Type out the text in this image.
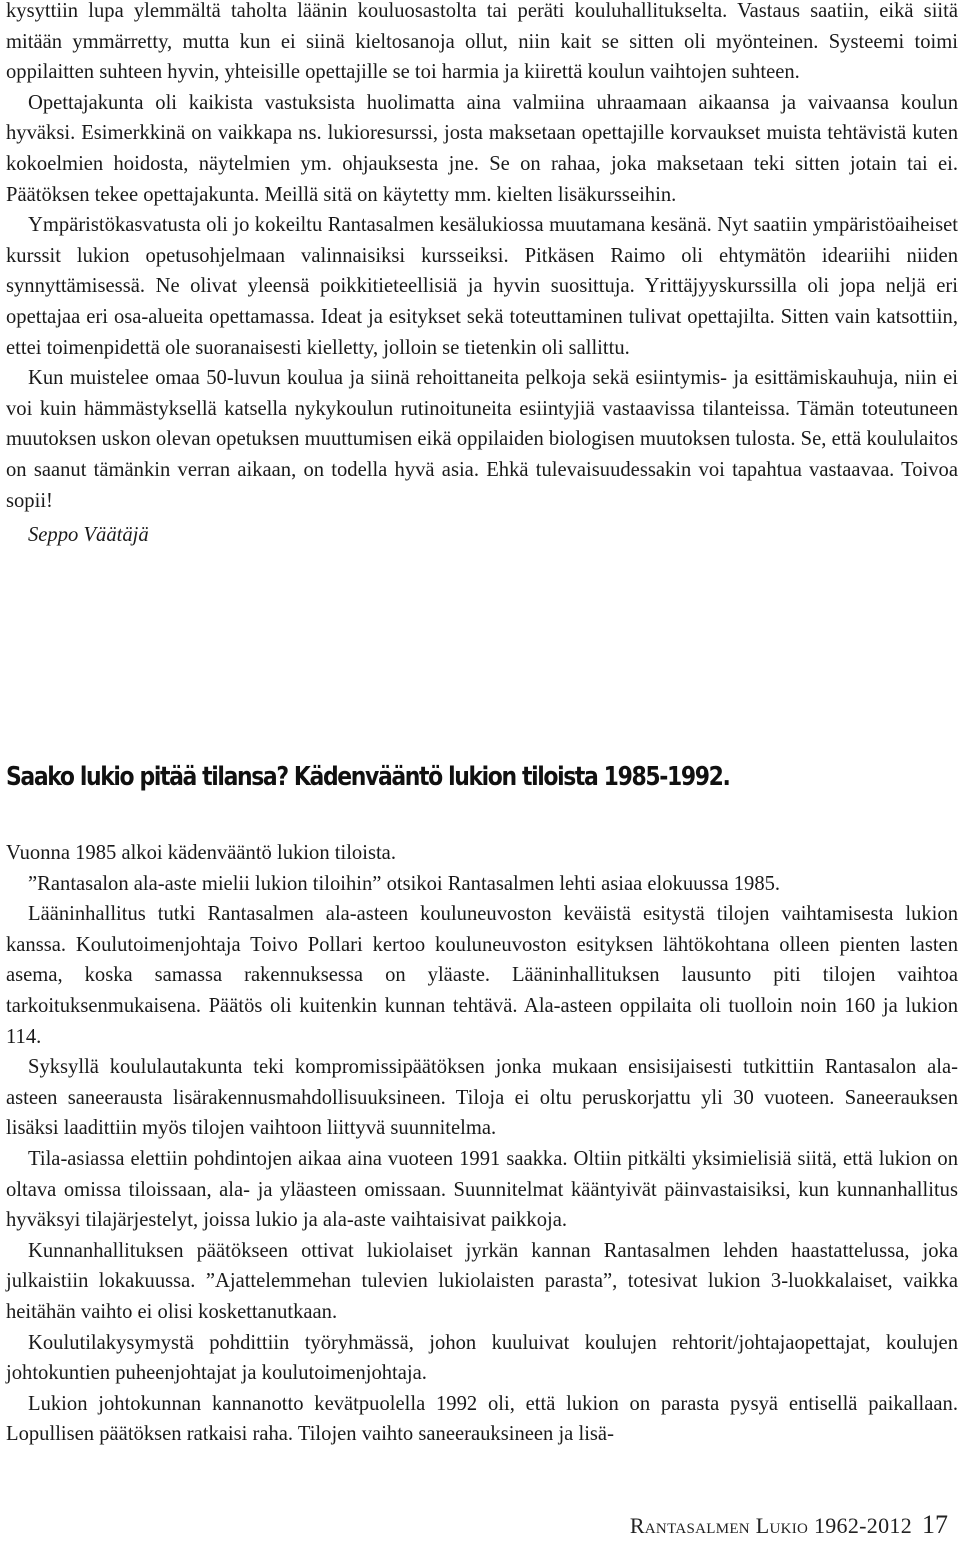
kysyttiin lupa ylemmältä taholta läänin kouluosastolta tai peräti kouluhallitukselta. Vastaus saatiin, eikä siitä mitään ymmärretty, mutta kun ei siinä kieltosanoja ollut, niin kait se sitten oli myönteinen. Systeemi toimi oppilaitten suhteen hyvin, yhteisille opettajille se toi harmia ja kiirettä koulun vaihtojen suhteen.

Opettajakunta oli kaikista vastuksista huolimatta aina valmiina uhraamaan aikaansa ja vaivaansa koulun hyväksi. Esimerkkinä on vaikkapa ns. lukioresurssi, josta maksetaan opettajille korvaukset muista tehtävistä kuten kokoelmien hoidosta, näytelmien ym. ohjauksesta jne. Se on rahaa, joka maksetaan teki sitten jotain tai ei. Päätöksen tekee opettajakunta. Meillä sitä on käytetty mm. kielten lisäkursseihin.

Ympäristökasvatusta oli jo kokeiltu Rantasalmen kesälukiossa muutamana kesänä. Nyt saatiin ympäristöaiheiset kurssit lukion opetusohjelmaan valinnaisiksi kursseiksi. Pitkäsen Raimo oli ehtymätön ideariihi niiden synnyttämisessä. Ne olivat yleensä poikkitieteellisiä ja hyvin suosittuja. Yrittäjyyskurssilla oli jopa neljä eri opettajaa eri osa-alueita opettamassa. Ideat ja esitykset sekä toteuttaminen tulivat opettajilta. Sitten vain katsottiin, ettei toimenpidettä ole suoranaisesti kielletty, jolloin se tietenkin oli sallittu.

Kun muistelee omaa 50-luvun koulua ja siinä rehoittaneita pelkoja sekä esiintymis- ja esittämiskauhuja, niin ei voi kuin hämmästyksellä katsella nykykoulun rutinoituneita esiintyjiä vastaavissa tilanteissa. Tämän toteutuneen muutoksen uskon olevan opetuksen muuttumisen eikä oppilaiden biologisen muutoksen tulosta. Se, että koululaitos on saanut tämänkin verran aikaan, on todella hyvä asia. Ehkä tulevaisuudessakin voi tapahtua vastaavaa. Toivoa sopii!

Seppo Väätäjä

Saako lukio pitää tilansa? Kädenvääntö lukion tiloista 1985-1992.

Vuonna 1985 alkoi kädenvääntö lukion tiloista.

”Rantasalon ala-aste mielii lukion tiloihin” otsikoi Rantasalmen lehti asiaa elokuussa 1985.

Lääninhallitus tutki Rantasalmen ala-asteen kouluneuvoston keväistä esitystä tilojen vaihtamisesta lukion kanssa. Koulutoimenjohtaja Toivo Pollari kertoo kouluneuvoston esityksen lähtökohtana olleen pienten lasten asema, koska samassa rakennuksessa on yläaste. Lääninhallituksen lausunto piti tilojen vaihtoa tarkoituksenmukaisena. Päätös oli kuitenkin kunnan tehtävä. Ala-asteen oppilaita oli tuolloin noin 160 ja lukion 114.

Syksyllä koululautakunta teki kompromissipäätöksen jonka mukaan ensisijaisesti tutkittiin Rantasalon ala-asteen saneerausta lisärakennusmahdollisuuksineen. Tiloja ei oltu peruskorjattu yli 30 vuoteen. Saneerauksen lisäksi laadittiin myös tilojen vaihtoon liittyvä suunnitelma.

Tila-asiassa elettiin pohdintojen aikaa aina vuoteen 1991 saakka. Oltiin pitkälti yksimielisiä siitä, että lukion on oltava omissa tiloissaan, ala- ja yläasteen omissaan. Suunnitelmat kääntyivät päinvastaisiksi, kun kunnanhallitus hyväksyi tilajärjestelyt, joissa lukio ja ala-aste vaihtaisivat paikkoja.

Kunnanhallituksen päätökseen ottivat lukiolaiset jyrkän kannan Rantasalmen lehden haastattelussa, joka julkaistiin lokakuussa. ”Ajattelemmehan tulevien lukiolaisten parasta”, totesivat lukion 3-luokkalaiset, vaikka heitähän vaihto ei olisi koskettanutkaan.

Koulutilakysymystä pohdittiin työryhmässä, johon kuuluivat koulujen rehtorit/johtajaopettajat, koulujen johtokuntien puheenjohtajat ja koulutoimenjohtaja.

Lukion johtokunnan kannanotto kevätpuolella 1992 oli, että lukion on parasta pysyä entisellä paikallaan. Lopullisen päätöksen ratkaisi raha. Tilojen vaihto saneerauksineen ja lisä-

Rantasalmen Lukio 1962-2012 17
